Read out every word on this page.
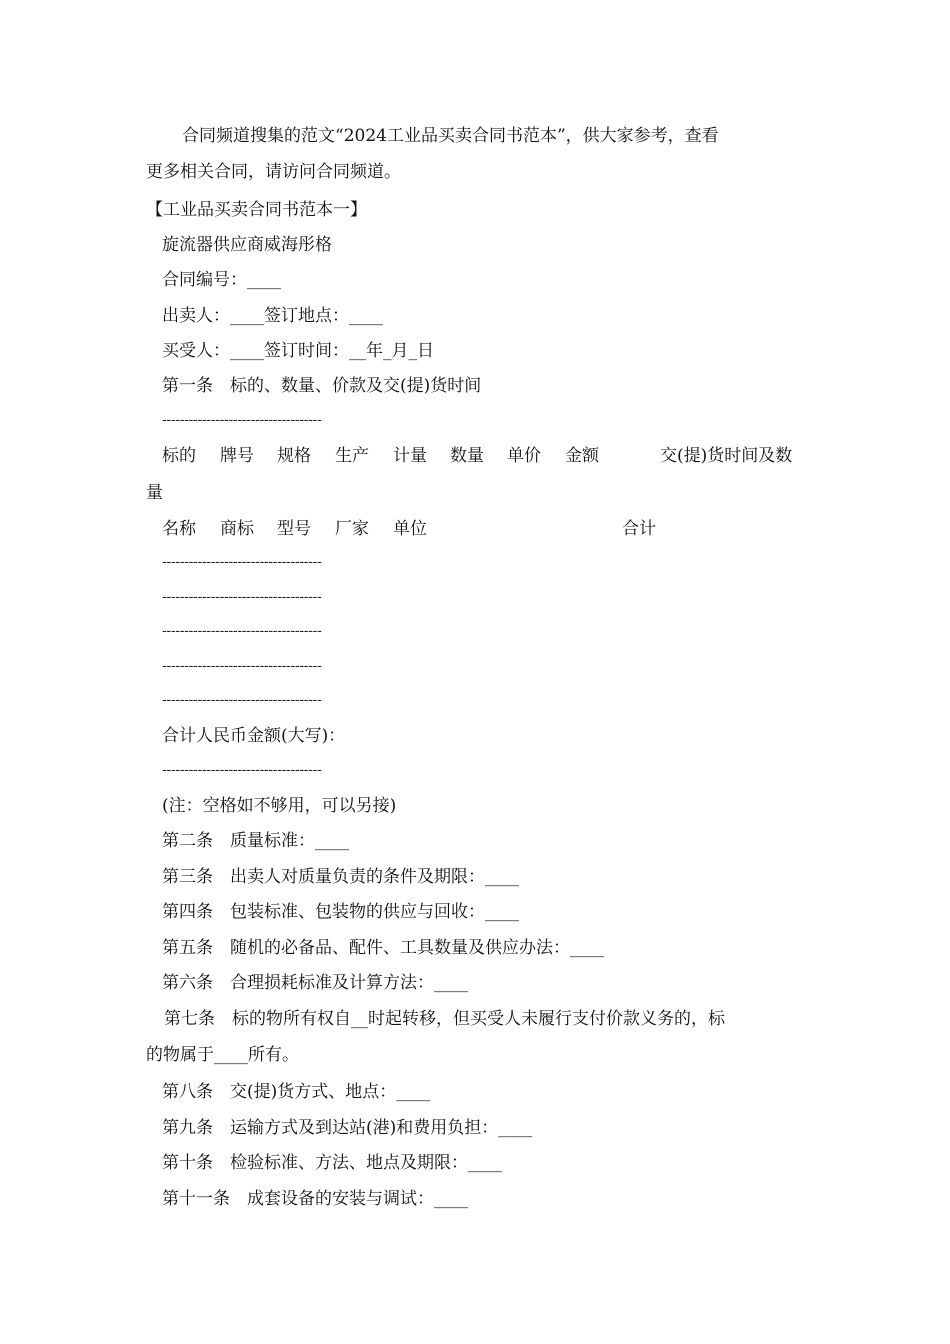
合同频道搜集的范文“2024工业品买卖合同书范本”，供大家参考，查看
更多相关合同，请访问合同频道。
【工业品买卖合同书范本一】
旋流器供应商威海彤格
合同编号：____
出卖人：____签订地点：____
买受人：____签订时间：__年_月_日
第一条　标的、数量、价款及交(提)货时间
------------------------------------
标的 牌号 规格 生产 计量 数量 单价 金额	交(提)货时间及数
量
名称 商标 型号 厂家 单位	合计
------------------------------------
------------------------------------
------------------------------------
------------------------------------
------------------------------------
合计人民币金额(大写)：
------------------------------------
(注：空格如不够用，可以另接)
第二条　质量标准：____
第三条　出卖人对质量负责的条件及期限：____
第四条　包装标准、包装物的供应与回收：____
第五条　随机的必备品、配件、工具数量及供应办法：____
第六条　合理损耗标准及计算方法：____
第七条　标的物所有权自__时起转移，但买受人未履行支付价款义务的，标
的物属于____所有。
第八条　交(提)货方式、地点：____
第九条　运输方式及到达站(港)和费用负担：____
第十条　检验标准、方法、地点及期限：____
第十一条　成套设备的安装与调试：____
